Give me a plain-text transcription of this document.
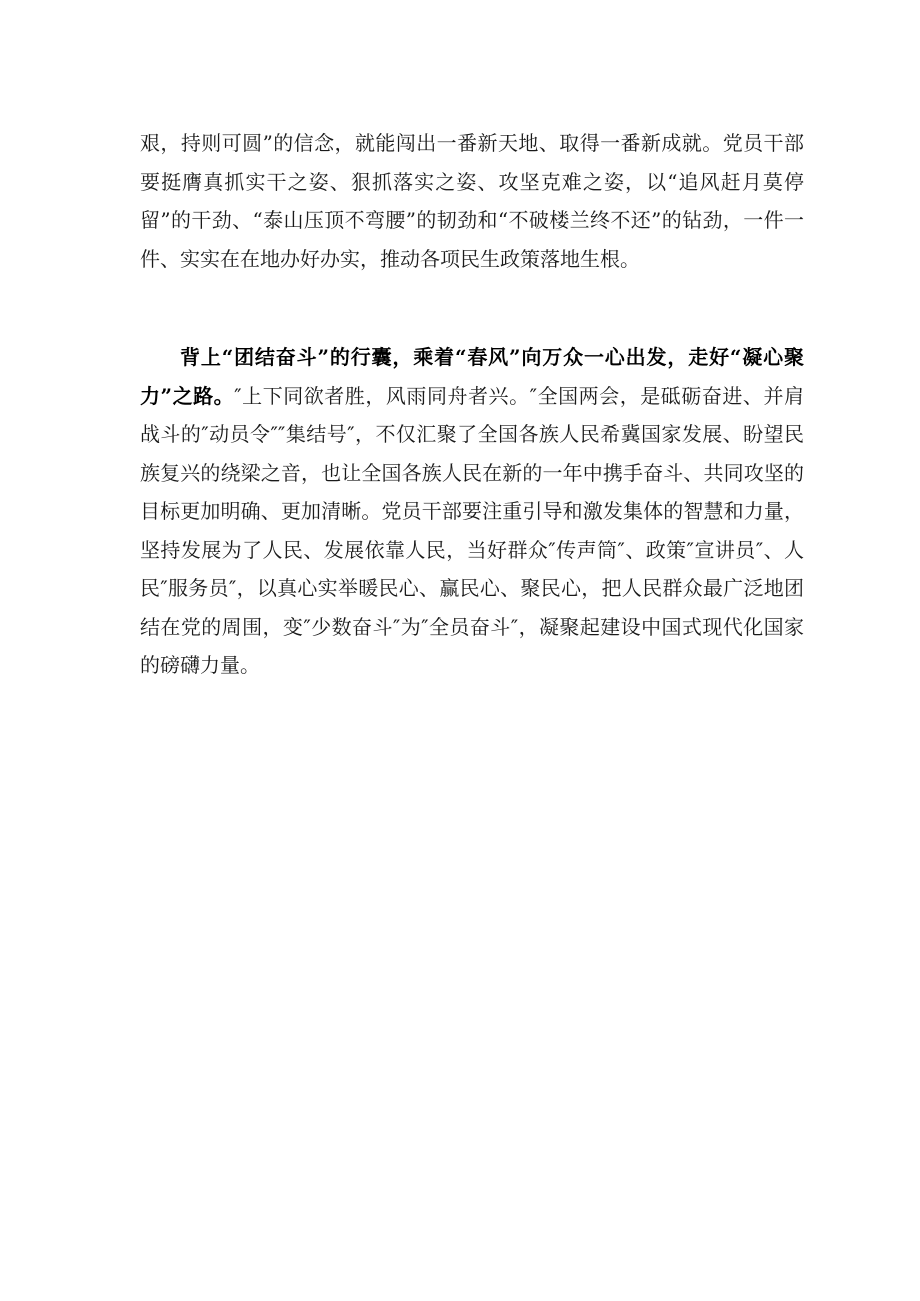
艰，持则可圆”的信念，就能闯出一番新天地、取得一番新成就。党员干部要挺膺真抓实干之姿、狠抓落实之姿、攻坚克难之姿，以“追风赶月莫停留”的干劲、“泰山压顶不弯腰”的韧劲和“不破楼兰终不还”的钻劲，一件一件、实实在在地办好办实，推动各项民生政策落地生根。

背上“团结奋斗”的行囊，乘着“春风”向万众一心出发，走好“凝心聚力”之路。″上下同欲者胜，风雨同舟者兴。″全国两会，是砥砺奋进、并肩战斗的″动员令″″集结号″，不仅汇聚了全国各族人民希冀国家发展、盼望民族复兴的绕梁之音，也让全国各族人民在新的一年中携手奋斗、共同攻坚的目标更加明确、更加清晰。党员干部要注重引导和激发集体的智慧和力量，坚持发展为了人民、发展依靠人民，当好群众″传声筒″、政策″宣讲员″、人民″服务员″，以真心实举暖民心、赢民心、聚民心，把人民群众最广泛地团结在党的周围，变″少数奋斗″为″全员奋斗″，凝聚起建设中国式现代化国家的磅礴力量。
